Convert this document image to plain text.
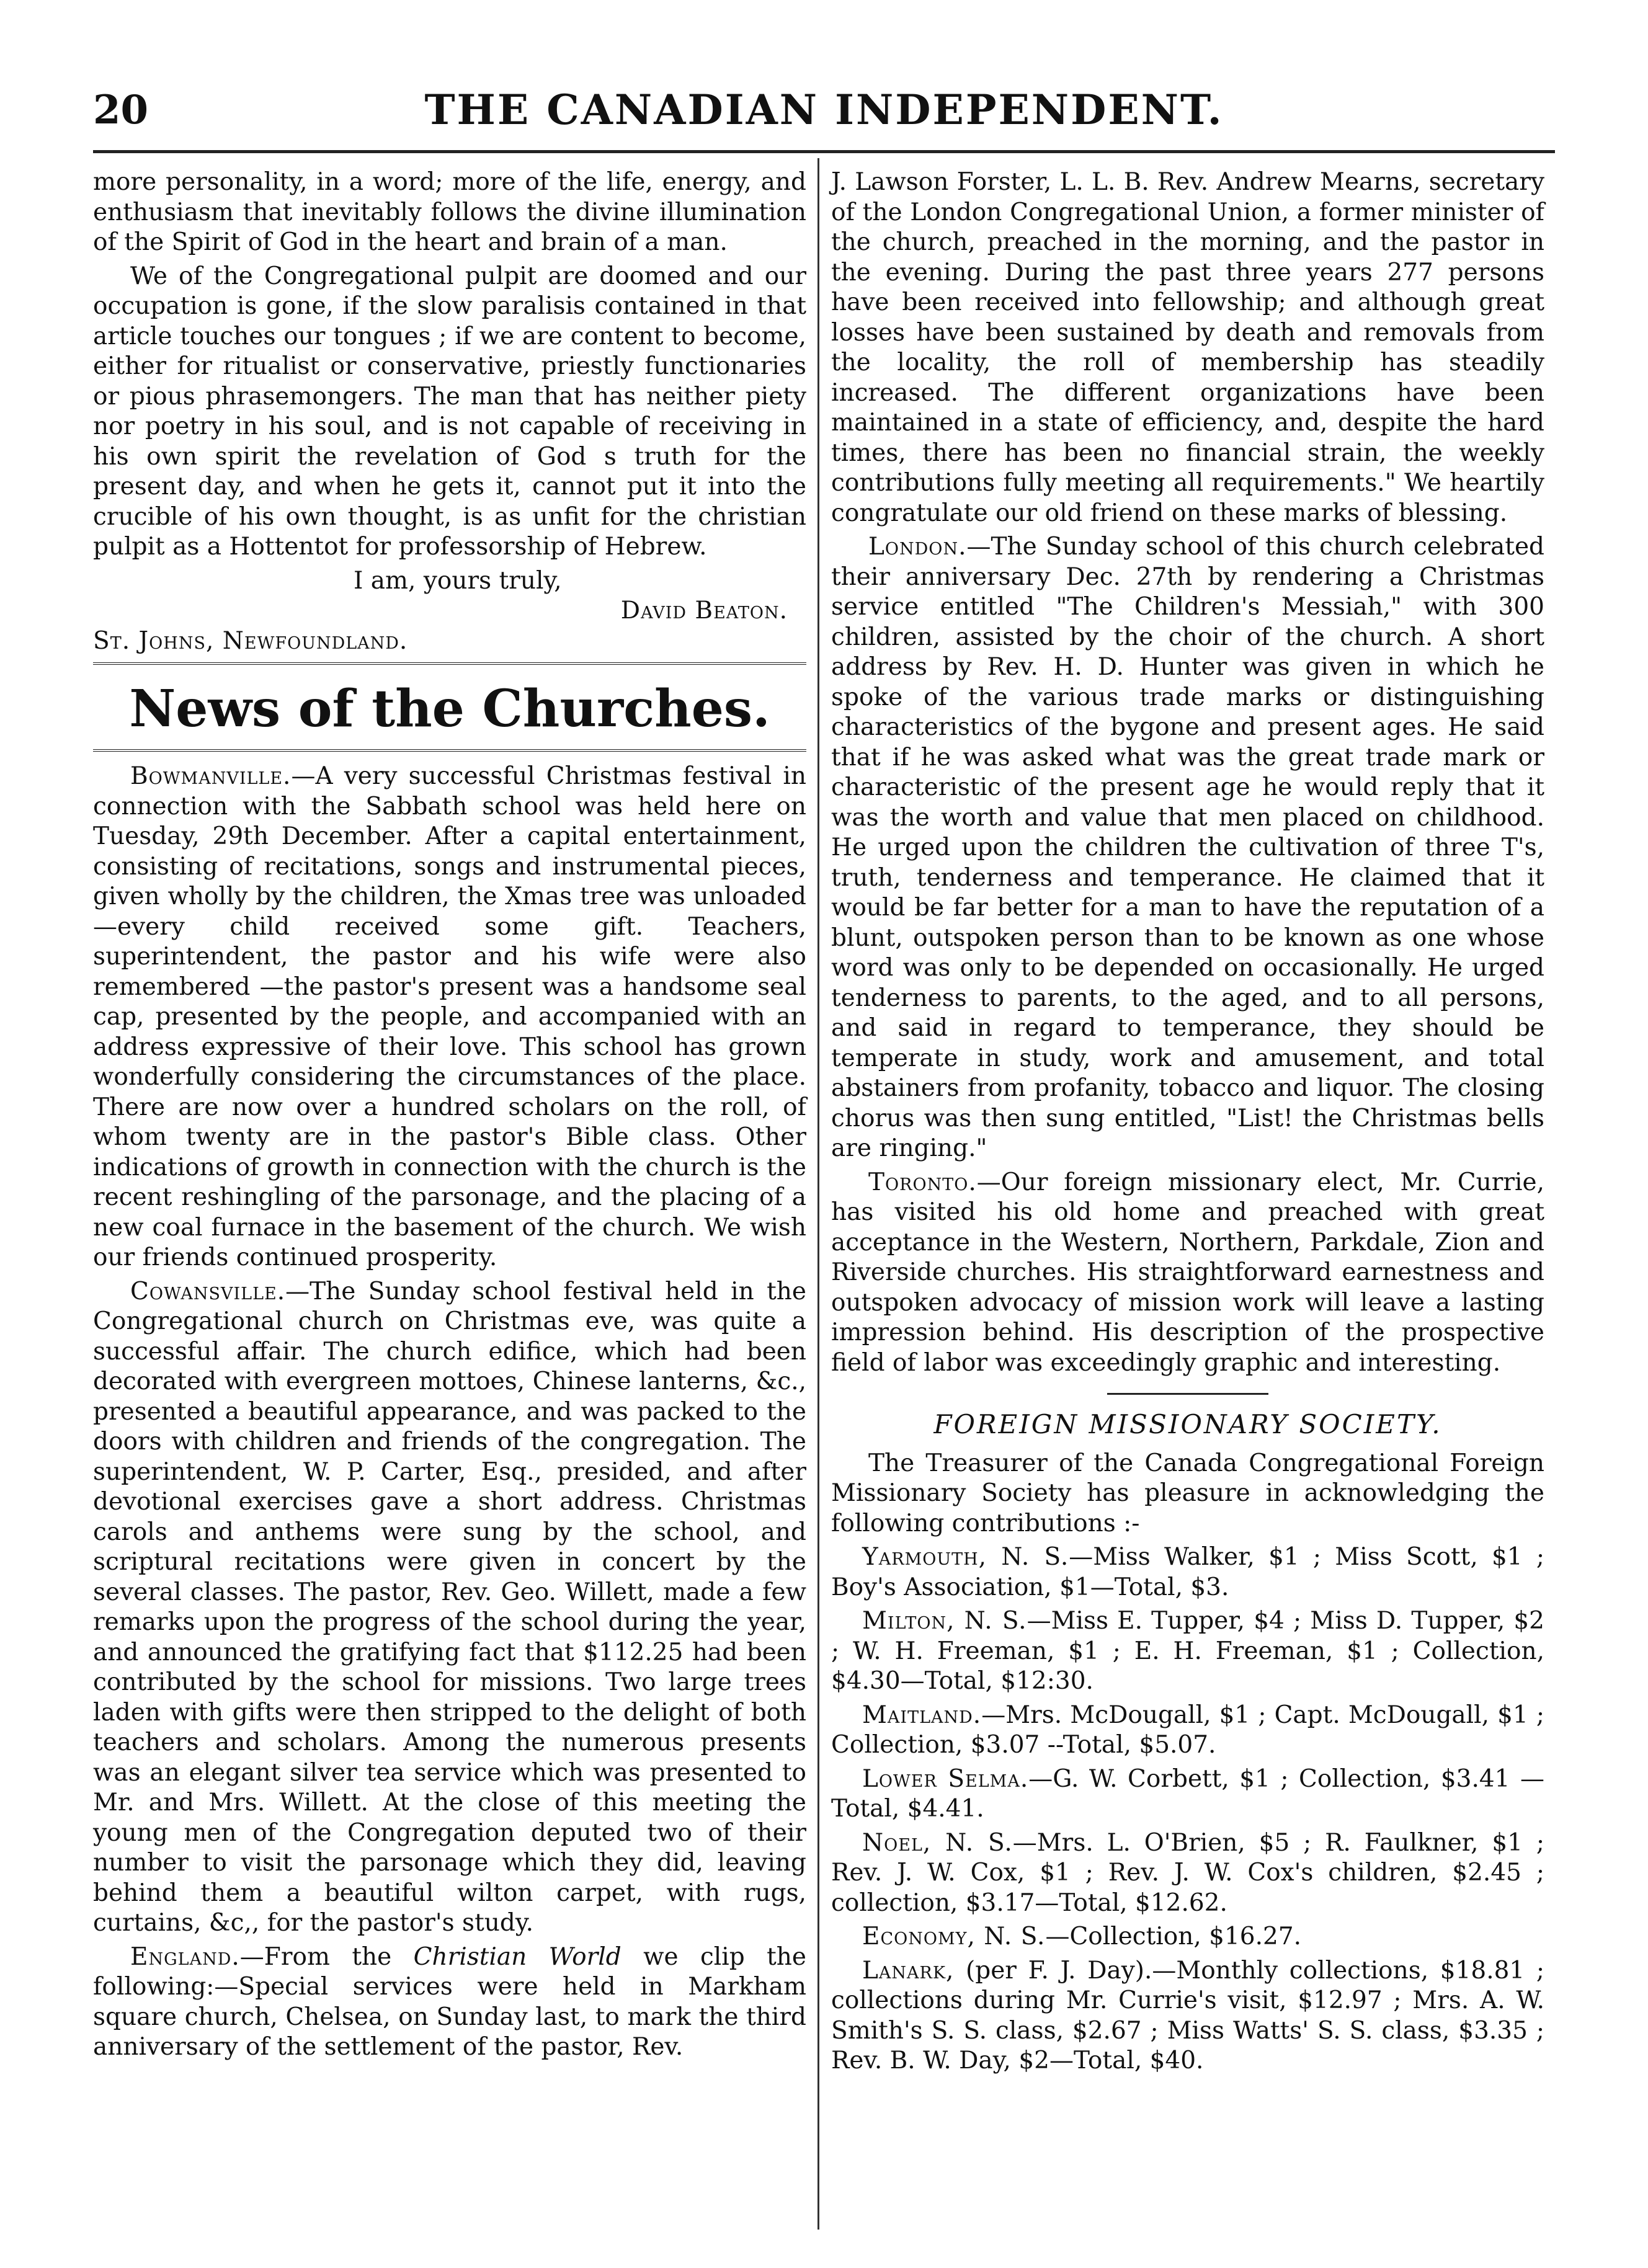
20	THE CANADIAN INDEPENDENT.

more personality, in a word; more of the life, energy, and enthusiasm that inevitably follows the divine illumination of the Spirit of God in the heart and brain of a man.

We of the Congregational pulpit are doomed and our occupation is gone, if the slow paralisis contained in that article touches our tongues ; if we are content to become, either for ritualist or conservative, priestly functionaries or pious phrasemongers. The man that has neither piety nor poetry in his soul, and is not capable of receiving in his own spirit the revelation of God s truth for the present day, and when he gets it, cannot put it into the crucible of his own thought, is as unfit for the christian pulpit as a Hottentot for professorship of Hebrew.

I am, yours truly,

David Beaton.

St. Johns, Newfoundland.

News of the Churches.

Bowmanville.—A very successful Christmas festival in connection with the Sabbath school was held here on Tuesday, 29th December. After a capital entertainment, consisting of recitations, songs and instrumental pieces, given wholly by the children, the Xmas tree was unloaded—every child received some gift. Teachers, superintendent, the pastor and his wife were also remembered —the pastor's present was a handsome seal cap, presented by the people, and accompanied with an address expressive of their love. This school has grown wonderfully considering the circumstances of the place. There are now over a hundred scholars on the roll, of whom twenty are in the pastor's Bible class. Other indications of growth in connection with the church is the recent reshingling of the parsonage, and the placing of a new coal furnace in the basement of the church. We wish our friends continued prosperity.

Cowansville.—The Sunday school festival held in the Congregational church on Christmas eve, was quite a successful affair. The church edifice, which had been decorated with evergreen mottoes, Chinese lanterns, &c., presented a beautiful appearance, and was packed to the doors with children and friends of the congregation. The superintendent, W. P. Carter, Esq., presided, and after devotional exercises gave a short address. Christmas carols and anthems were sung by the school, and scriptural recitations were given in concert by the several classes. The pastor, Rev. Geo. Willett, made a few remarks upon the progress of the school during the year, and announced the gratifying fact that $112.25 had been contributed by the school for missions. Two large trees laden with gifts were then stripped to the delight of both teachers and scholars. Among the numerous presents was an elegant silver tea service which was presented to Mr. and Mrs. Willett. At the close of this meeting the young men of the Congregation deputed two of their number to visit the parsonage which they did, leaving behind them a beautiful wilton carpet, with rugs, curtains, &c,, for the pastor's study.

England.—From the Christian World we clip the following:—Special services were held in Markham square church, Chelsea, on Sunday last, to mark the third anniversary of the settlement of the pastor, Rev.

J. Lawson Forster, L. L. B. Rev. Andrew Mearns, secretary of the London Congregational Union, a former minister of the church, preached in the morning, and the pastor in the evening. During the past three years 277 persons have been received into fellowship; and although great losses have been sustained by death and removals from the locality, the roll of membership has steadily increased. The different organizations have been maintained in a state of efficiency, and, despite the hard times, there has been no financial strain, the weekly contributions fully meeting all requirements." We heartily congratulate our old friend on these marks of blessing.

London.—The Sunday school of this church celebrated their anniversary Dec. 27th by rendering a Christmas service entitled "The Children's Messiah," with 300 children, assisted by the choir of the church. A short address by Rev. H. D. Hunter was given in which he spoke of the various trade marks or distinguishing characteristics of the bygone and present ages. He said that if he was asked what was the great trade mark or characteristic of the present age he would reply that it was the worth and value that men placed on childhood. He urged upon the children the cultivation of three T's, truth, tenderness and temperance. He claimed that it would be far better for a man to have the reputation of a blunt, outspoken person than to be known as one whose word was only to be depended on occasionally. He urged tenderness to parents, to the aged, and to all persons, and said in regard to temperance, they should be temperate in study, work and amusement, and total abstainers from profanity, tobacco and liquor. The closing chorus was then sung entitled, "List! the Christmas bells are ringing."

Toronto.—Our foreign missionary elect, Mr. Currie, has visited his old home and preached with great acceptance in the Western, Northern, Parkdale, Zion and Riverside churches. His straightforward earnestness and outspoken advocacy of mission work will leave a lasting impression behind. His description of the prospective field of labor was exceedingly graphic and interesting.

FOREIGN MISSIONARY SOCIETY.

The Treasurer of the Canada Congregational Foreign Missionary Society has pleasure in acknowledging the following contributions :-

Yarmouth, N. S.—Miss Walker, $1 ; Miss Scott, $1 ; Boy's Association, $1—Total, $3.

Milton, N. S.—Miss E. Tupper, $4 ; Miss D. Tupper, $2 ; W. H. Freeman, $1 ; E. H. Freeman, $1 ; Collection, $4.30—Total, $12:30.

Maitland.—Mrs. McDougall, $1 ; Capt. McDougall, $1 ; Collection, $3.07 --Total, $5.07.

Lower Selma.—G. W. Corbett, $1 ; Collection, $3.41 —Total, $4.41.

Noel, N. S.—Mrs. L. O'Brien, $5 ; R. Faulkner, $1 ; Rev. J. W. Cox, $1 ; Rev. J. W. Cox's children, $2.45 ; collection, $3.17—Total, $12.62.

Economy, N. S.—Collection, $16.27.

Lanark, (per F. J. Day).—Monthly collections, $18.81 ; collections during Mr. Currie's visit, $12.97 ; Mrs. A. W. Smith's S. S. class, $2.67 ; Miss Watts' S. S. class, $3.35 ; Rev. B. W. Day, $2—Total, $40.
